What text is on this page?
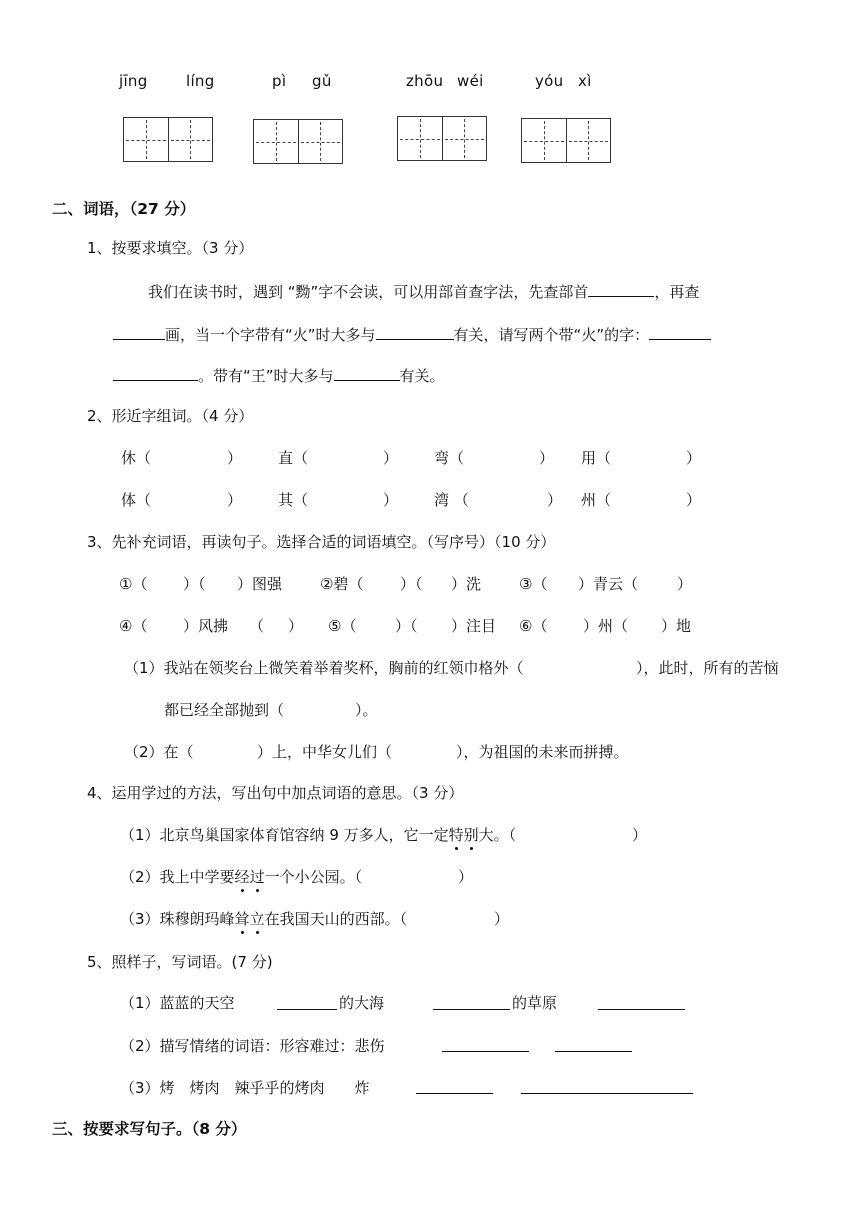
jīng	líng	pì gǔ	zhōu wéi	yóu xì
二、词语，（27 分）
1、按要求填空。（3 分）
我们在读书时，遇到 “黝”字不会读，可以用部首查字法，先查部首	，再查
画，当一个字带有“火”时大多与	有关，请写两个带“火”的字：
。带有“王”时大多与	有关。
2、形近字组词。（4 分）
休（	） 直（	） 弯（	） 用（	）
体（	） 其（	） 湾 （	） 州（	）
3、先补充词语，再读句子。选择合适的词语填空。（写序号）（10 分）
①（ ）（ ）图强	②碧（ ）（ ）洗	③（ ）青云（	）
④（ ）风拂 （ ） ⑤（	）（ ）注目 ⑥（ ）州（ ）地
（1）我站在领奖台上微笑着举着奖杯，胸前的红领巾格外（	），此时，所有的苦恼
都已经全部抛到（	）。
（2）在（	）上，中华女儿们（	），为祖国的未来而拼搏。
4、运用学过的方法，写出句中加点词语的意思。（3 分）
（1）北京鸟巢国家体育馆容纳 9 万多人，它一定特别大。（	）
（2）我上中学要经过一个小公园。（	）
（3）珠穆朗玛峰耸立在我国天山的西部。（	）
5、照样子，写词语。(7 分)
（1）蓝蓝的天空	的大海	的草原
（2）描写情绪的词语：形容难过：悲伤
（3）烤　烤肉　辣乎乎的烤肉　　炸
三、按要求写句子。（8 分）
